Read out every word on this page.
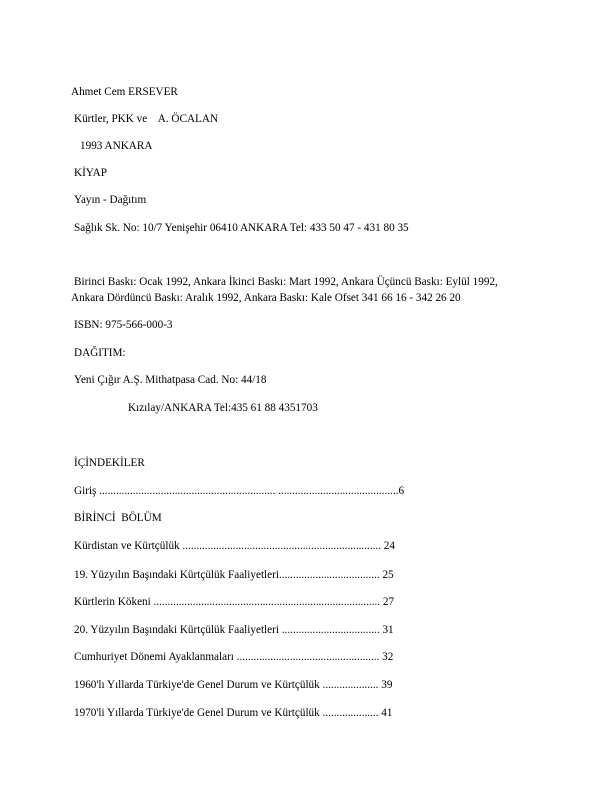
Ahmet Cem ERSEVER
Kürtler, PKK ve    A. ÖCALAN
1993 ANKARA
KİYAP
Yayın - Dağıtım
Sağlık Sk. No: 10/7 Yenişehir 06410 ANKARA Tel: 433 50 47 - 431 80 35
Birinci Baskı: Ocak 1992, Ankara İkinci Baskı: Mart 1992, Ankara Üçüncü Baskı: Eylül 1992,
Ankara Dördüncü Baskı: Aralık 1992, Ankara Baskı: Kale Ofset 341 66 16 - 342 26 20
ISBN: 975-566-000-3
DAĞITIM:
Yeni Çığır A.Ş. Mithatpasa Cad. No: 44/18
Kızılay/ANKARA Tel:435 61 88 4351703
İÇİNDEKİLER
Giriş ............................................................... ...........................................6
BİRİNCİ  BÖLÜM
Kürdistan ve Kürtçülük ....................................................................... 24
19. Yüzyılın Başındaki Kürtçülük Faaliyetleri.................................... 25
Kürtlerin Kökeni ................................................................................. 27
20. Yüzyılın Başındaki Kürtçülük Faaliyetleri ................................... 31
Cumhuriyet Dönemi Ayaklanmaları ................................................... 32
1960'lı Yıllarda Türkiye'de Genel Durum ve Kürtçülük .................... 39
1970'li Yıllarda Türkiye'de Genel Durum ve Kürtçülük .................... 41
